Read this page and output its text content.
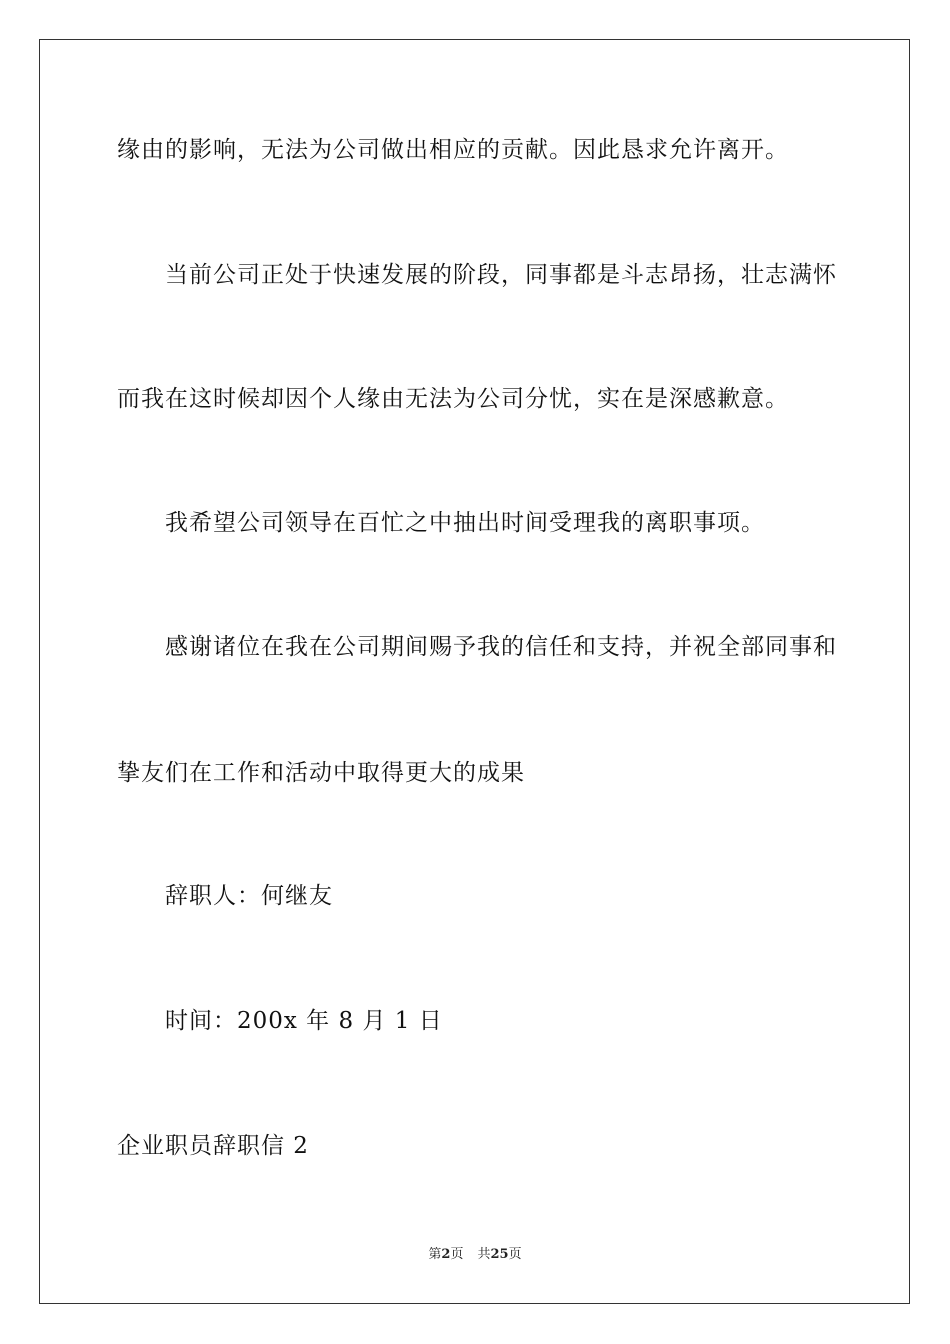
缘由的影响，无法为公司做出相应的贡献。因此恳求允许离开。
当前公司正处于快速发展的阶段，同事都是斗志昂扬，壮志满怀
而我在这时候却因个人缘由无法为公司分忧，实在是深感歉意。
我希望公司领导在百忙之中抽出时间受理我的离职事项。
感谢诸位在我在公司期间赐予我的信任和支持，并祝全部同事和
挚友们在工作和活动中取得更大的成果
辞职人：何继友
时间：200x 年 8 月 1 日
企业职员辞职信 2
第2页 共25页
